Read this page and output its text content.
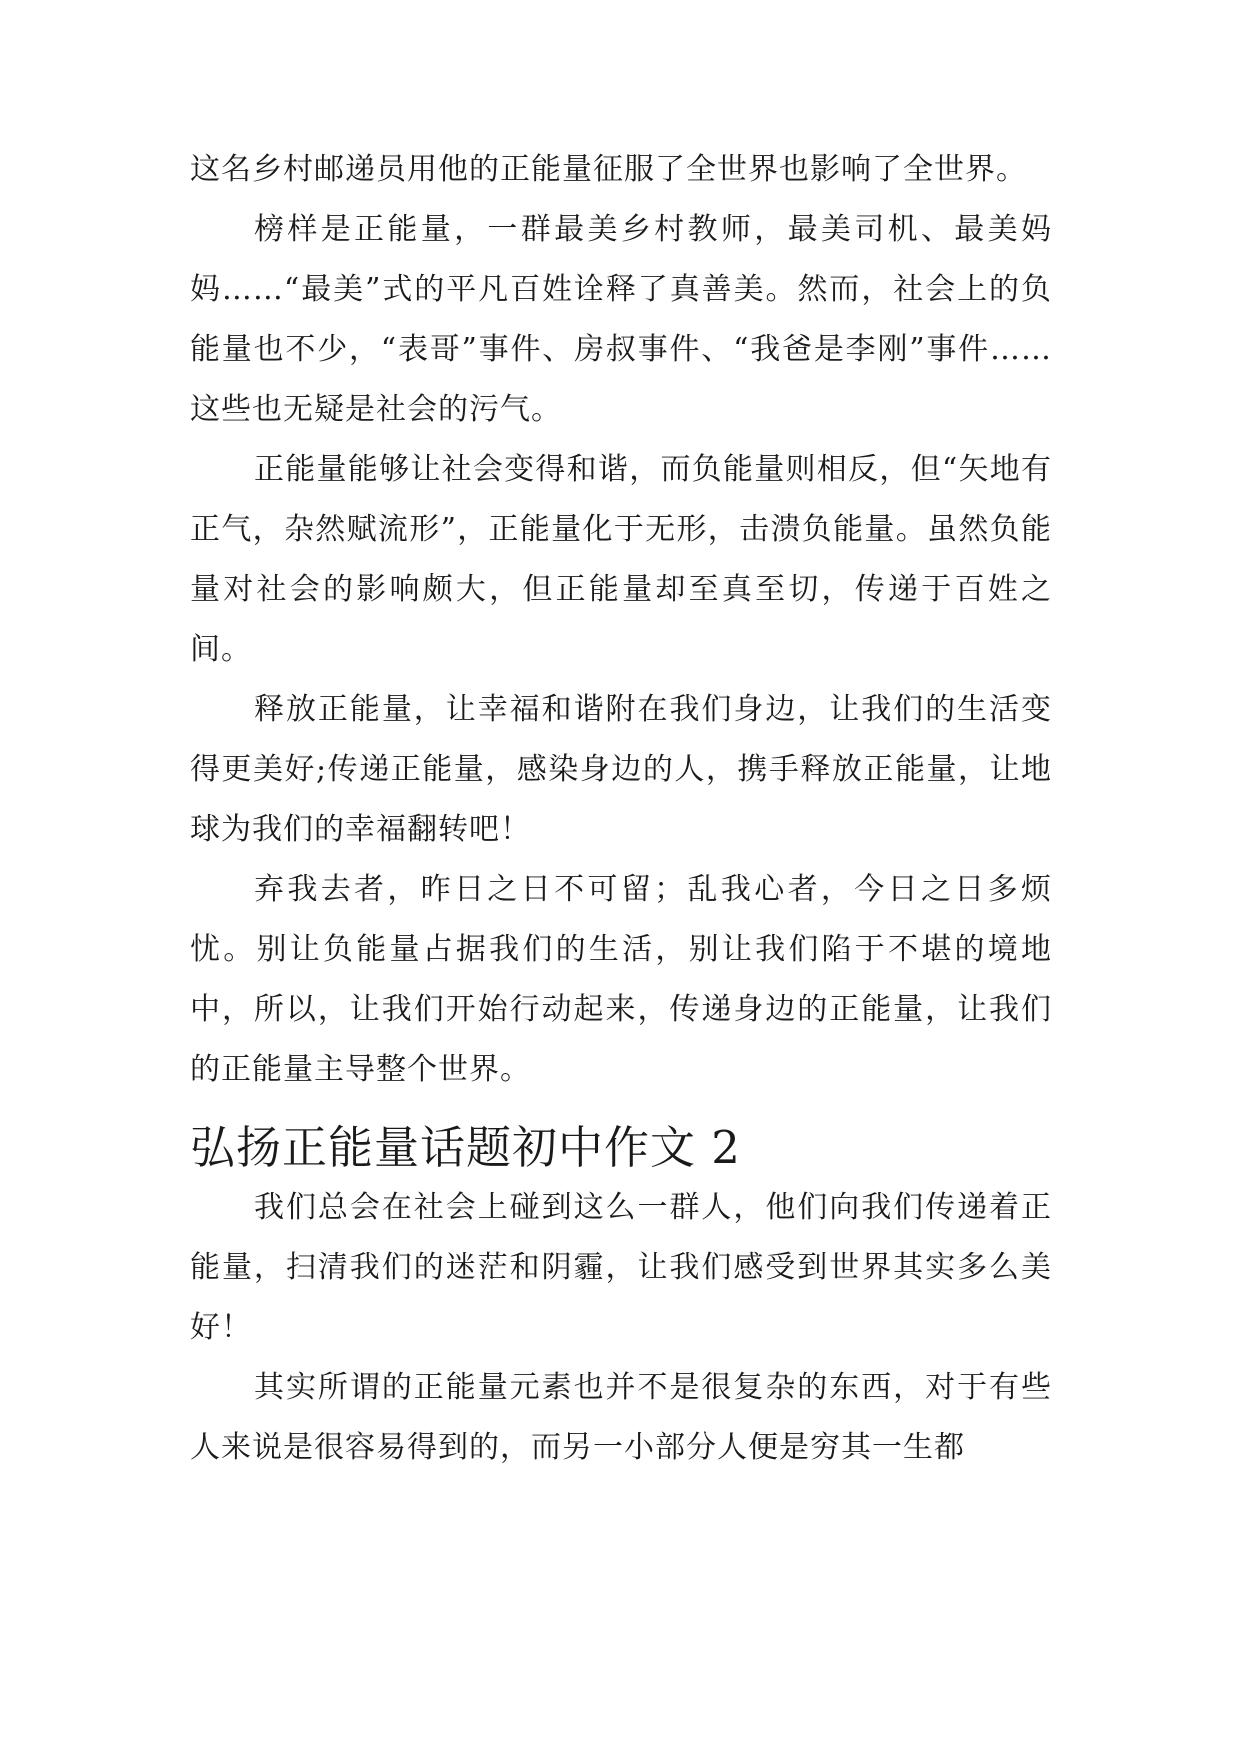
这名乡村邮递员用他的正能量征服了全世界也影响了全世界。

榜样是正能量，一群最美乡村教师，最美司机、最美妈妈……“最美”式的平凡百姓诠释了真善美。然而，社会上的负能量也不少，“表哥”事件、房叔事件、“我爸是李刚”事件……这些也无疑是社会的污气。

正能量能够让社会变得和谐，而负能量则相反，但“矢地有正气，杂然赋流形”，正能量化于无形，击溃负能量。虽然负能量对社会的影响颇大，但正能量却至真至切，传递于百姓之间。

释放正能量，让幸福和谐附在我们身边，让我们的生活变得更美好;传递正能量，感染身边的人，携手释放正能量，让地球为我们的幸福翻转吧！

弃我去者，昨日之日不可留；乱我心者，今日之日多烦忧。别让负能量占据我们的生活，别让我们陷于不堪的境地中，所以，让我们开始行动起来，传递身边的正能量，让我们的正能量主导整个世界。

弘扬正能量话题初中作文 2

我们总会在社会上碰到这么一群人，他们向我们传递着正能量，扫清我们的迷茫和阴霾，让我们感受到世界其实多么美好！

其实所谓的正能量元素也并不是很复杂的东西，对于有些人来说是很容易得到的，而另一小部分人便是穷其一生都
